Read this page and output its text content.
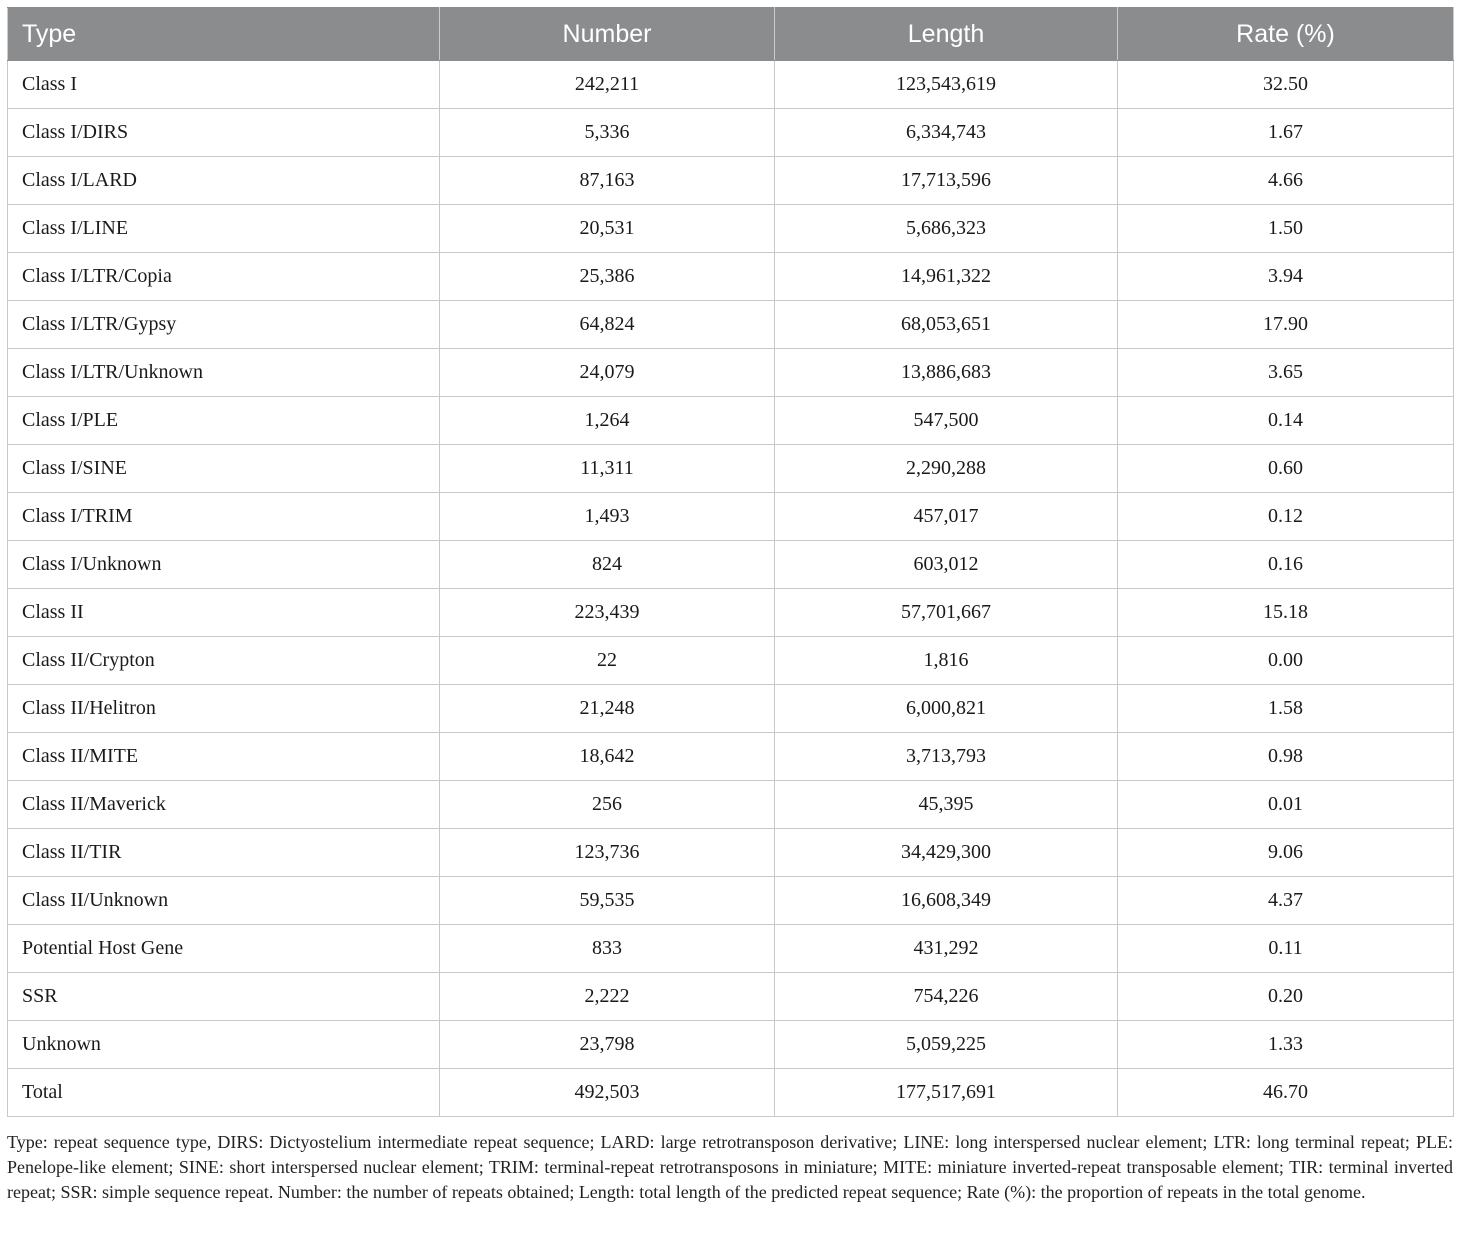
Type	Number	Length	Rate (%)
Class I	242,211	123,543,619	32.50
Class I/DIRS	5,336	6,334,743	1.67
Class I/LARD	87,163	17,713,596	4.66
Class I/LINE	20,531	5,686,323	1.50
Class I/LTR/Copia	25,386	14,961,322	3.94
Class I/LTR/Gypsy	64,824	68,053,651	17.90
Class I/LTR/Unknown	24,079	13,886,683	3.65
Class I/PLE	1,264	547,500	0.14
Class I/SINE	11,311	2,290,288	0.60
Class I/TRIM	1,493	457,017	0.12
Class I/Unknown	824	603,012	0.16
Class II	223,439	57,701,667	15.18
Class II/Crypton	22	1,816	0.00
Class II/Helitron	21,248	6,000,821	1.58
Class II/MITE	18,642	3,713,793	0.98
Class II/Maverick	256	45,395	0.01
Class II/TIR	123,736	34,429,300	9.06
Class II/Unknown	59,535	16,608,349	4.37
Potential Host Gene	833	431,292	0.11
SSR	2,222	754,226	0.20
Unknown	23,798	5,059,225	1.33
Total	492,503	177,517,691	46.70
Type: repeat sequence type, DIRS: Dictyostelium intermediate repeat sequence; LARD: large retrotransposon derivative; LINE: long interspersed nuclear element; LTR: long terminal repeat; PLE: Penelope-like element; SINE: short interspersed nuclear element; TRIM: terminal-repeat retrotransposons in miniature; MITE: miniature inverted-repeat transposable element; TIR: terminal inverted repeat; SSR: simple sequence repeat. Number: the number of repeats obtained; Length: total length of the predicted repeat sequence; Rate (%): the proportion of repeats in the total genome.
